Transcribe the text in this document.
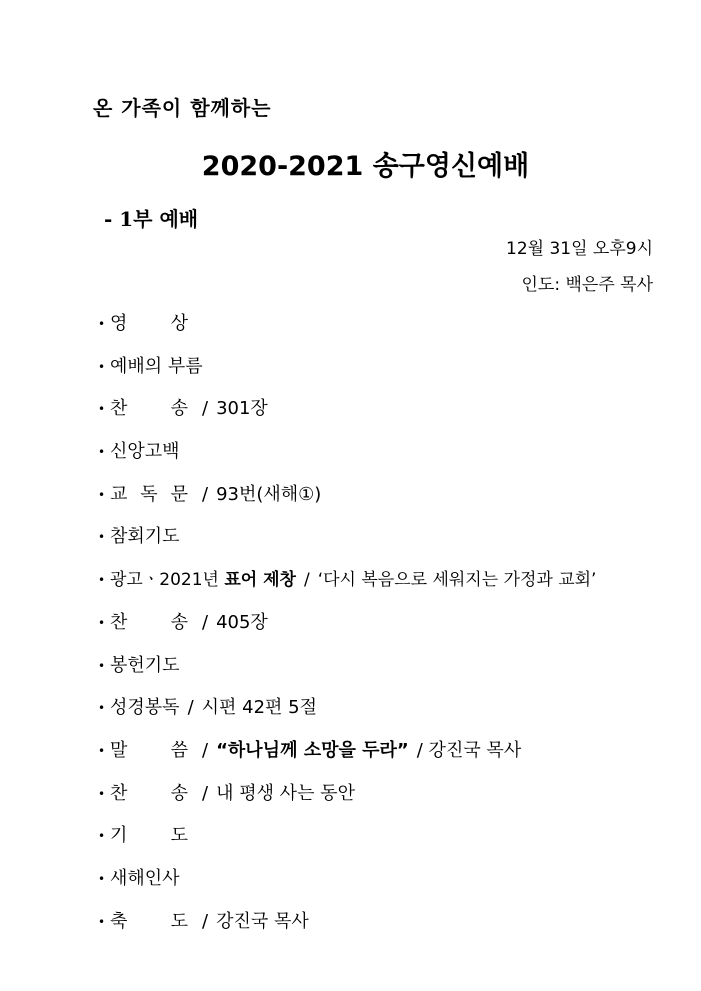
온 가족이 함께하는
2020-2021 송구영신예배
- 1부 예배
12월 31일 오후9시
인도: 백은주 목사
• 영 상
• 예배의 부름
• 찬 송 / 301장
• 신앙고백
• 교 독 문 / 93번(새해①)
• 참회기도
• 광고ㆍ2021년 표어 제창 / ‘다시 복음으로 세워지는 가정과 교회’
• 찬 송 / 405장
• 봉헌기도
• 성경봉독 / 시편 42편 5절
• 말 씀 / “하나님께 소망을 두라” / 강진국 목사
• 찬 송 / 내 평생 사는 동안
• 기 도
• 새해인사
• 축 도 / 강진국 목사
